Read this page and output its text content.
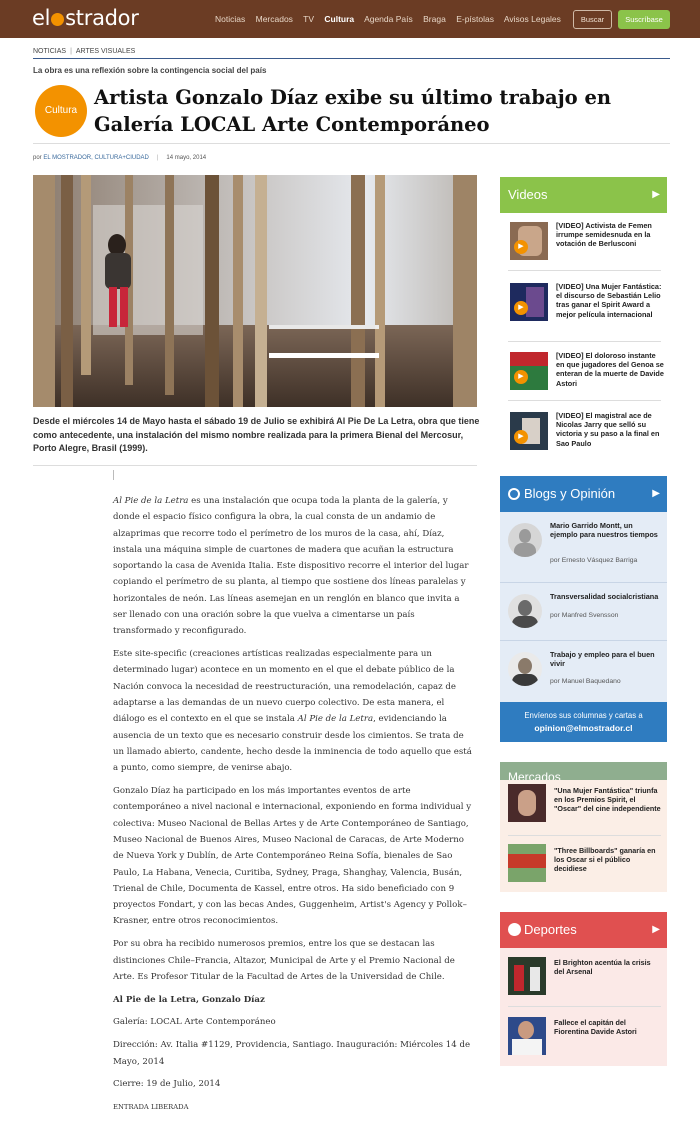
el strador	Noticias Mercados TV Cultura Agenda País Braga E-pístolas Avisos Legales	Buscar	Suscríbase
NOTICIAS | ARTES VISUALES
La obra es una reflexión sobre la contingencia social del país
Cultura
Artista Gonzalo Díaz exibe su último trabajo en Galería LOCAL Arte Contemporáneo
por EL MOSTRADOR, CULTURA+CIUDAD | 14 mayo, 2014

Desde el miércoles 14 de Mayo hasta el sábado 19 de Julio se exhibirá Al Pie De La Letra, obra que tiene como antecedente, una instalación del mismo nombre realizada para la primera Bienal del Mercosur, Porto Alegre, Brasil (1999).

Al Pie de la Letra es una instalación que ocupa toda la planta de la galería, y donde el espacio físico configura la obra, la cual consta de un andamio de alzaprimas que recorre todo el perímetro de los muros de la casa, ahí, Díaz, instala una máquina simple de cuartones de madera que acuñan la estructura soportando la casa de Avenida Italia. Este dispositivo recorre el interior del lugar copiando el perímetro de su planta, al tiempo que sostiene dos líneas paralelas y horizontales de neón. Las líneas asemejan en un renglón en blanco que invita a ser llenado con una oración sobre la que vuelva a cimentarse un país transformado y reconfigurado.

Este site-specific (creaciones artísticas realizadas especialmente para un determinado lugar) acontece en un momento en el que el debate público de la Nación convoca la necesidad de reestructuración, una remodelación, capaz de adaptarse a las demandas de un nuevo cuerpo colectivo. De esta manera, el diálogo es el contexto en el que se instala Al Pie de la Letra, evidenciando la ausencia de un texto que es necesario construir desde los cimientos. Se trata de un llamado abierto, candente, hecho desde la inminencia de todo aquello que está a punto, como siempre, de venirse abajo.

Gonzalo Díaz ha participado en los más importantes eventos de arte contemporáneo a nivel nacional e internacional, exponiendo en forma individual y colectiva: Museo Nacional de Bellas Artes y de Arte Contemporáneo de Santiago, Museo Nacional de Buenos Aires, Museo Nacional de Caracas, de Arte Moderno de Nueva York y Dublín, de Arte Contemporáneo Reina Sofía, bienales de Sao Paulo, La Habana, Venecia, Curitiba, Sydney, Praga, Shanghay, Valencia, Busán, Trienal de Chile, Documenta de Kassel, entre otros. Ha sido beneficiado con 9 proyectos Fondart, y con las becas Andes, Guggenheim, Artist's Agency y Pollok–Krasner, entre otros reconocimientos.

Por su obra ha recibido numerosos premios, entre los que se destacan las distinciones Chile–Francia, Altazor, Municipal de Arte y el Premio Nacional de Arte. Es Profesor Titular de la Facultad de Artes de la Universidad de Chile.

Al Pie de la Letra, Gonzalo Díaz

Galería: LOCAL Arte Contemporáneo

Dirección: Av. Italia #1129, Providencia, Santiago. Inauguración: Miércoles 14 de Mayo, 2014

Cierre: 19 de Julio, 2014

ENTRADA LIBERADA

Videos	▶
▶
[VIDEO] Activista de Femen irrumpe semidesnuda en la votación de Berlusconi
▶
[VIDEO] Una Mujer Fantástica: el discurso de Sebastián Lelio tras ganar el Spirit Award a mejor película internacional
▶
[VIDEO] El doloroso instante en que jugadores del Genoa se enteran de la muerte de Davide Astori
▶
[VIDEO] El magistral ace de Nicolas Jarry que selló su victoria y su paso a la final en Sao Paulo
Blogs y Opinión	▶
Mario Garrido Montt, un ejemplo para nuestros tiempos
por Ernesto Vásquez Barriga
Transversalidad socialcristiana
por Manfred Svensson
Trabajo y empleo para el buen vivir
por Manuel Baquedano
Envíenos sus columnas y cartas a
opinion@elmostrador.cl
Mercados
"Una Mujer Fantástica" triunfa en los Premios Spirit, el "Oscar" del cine independiente
"Three Billboards" ganaría en los Oscar si el público decidiese
Deportes	▶
El Brighton acentúa la crisis del Arsenal
Fallece el capitán del Fiorentina Davide Astori
